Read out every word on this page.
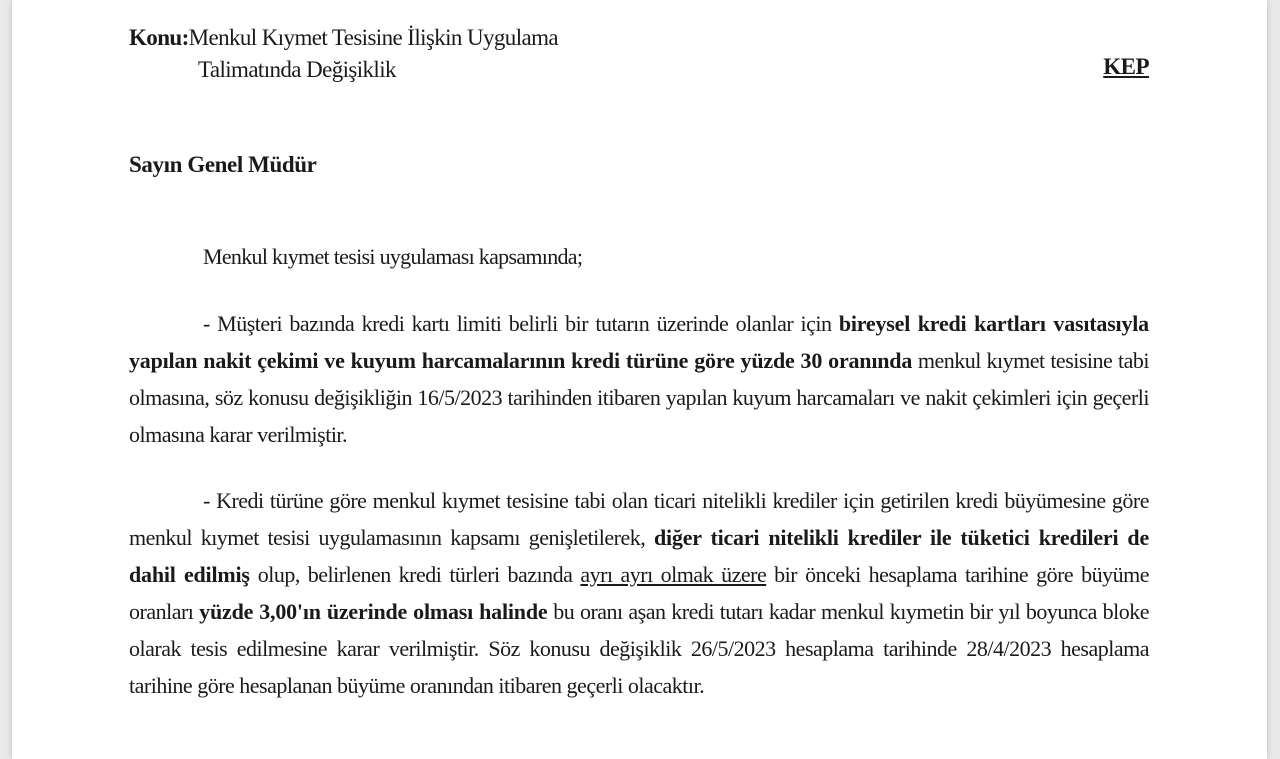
Konu:Menkul Kıymet Tesisine İlişkin Uygulama
Talimatında Değişiklik	KEP
Sayın Genel Müdür
Menkul kıymet tesisi uygulaması kapsamında;
- Müşteri bazında kredi kartı limiti belirli bir tutarın üzerinde olanlar için bireysel kredi kartları vasıtasıyla yapılan nakit çekimi ve kuyum harcamalarının kredi türüne göre yüzde 30 oranında menkul kıymet tesisine tabi olmasına, söz konusu değişikliğin 16/5/2023 tarihinden itibaren yapılan kuyum harcamaları ve nakit çekimleri için geçerli olmasına karar verilmiştir.
- Kredi türüne göre menkul kıymet tesisine tabi olan ticari nitelikli krediler için getirilen kredi büyümesine göre menkul kıymet tesisi uygulamasının kapsamı genişletilerek, diğer ticari nitelikli krediler ile tüketici kredileri de dahil edilmiş olup, belirlenen kredi türleri bazında ayrı ayrı olmak üzere bir önceki hesaplama tarihine göre büyüme oranları yüzde 3,00'ın üzerinde olması halinde bu oranı aşan kredi tutarı kadar menkul kıymetin bir yıl boyunca bloke olarak tesis edilmesine karar verilmiştir. Söz konusu değişiklik 26/5/2023 hesaplama tarihinde 28/4/2023 hesaplama tarihine göre hesaplanan büyüme oranından itibaren geçerli olacaktır.
